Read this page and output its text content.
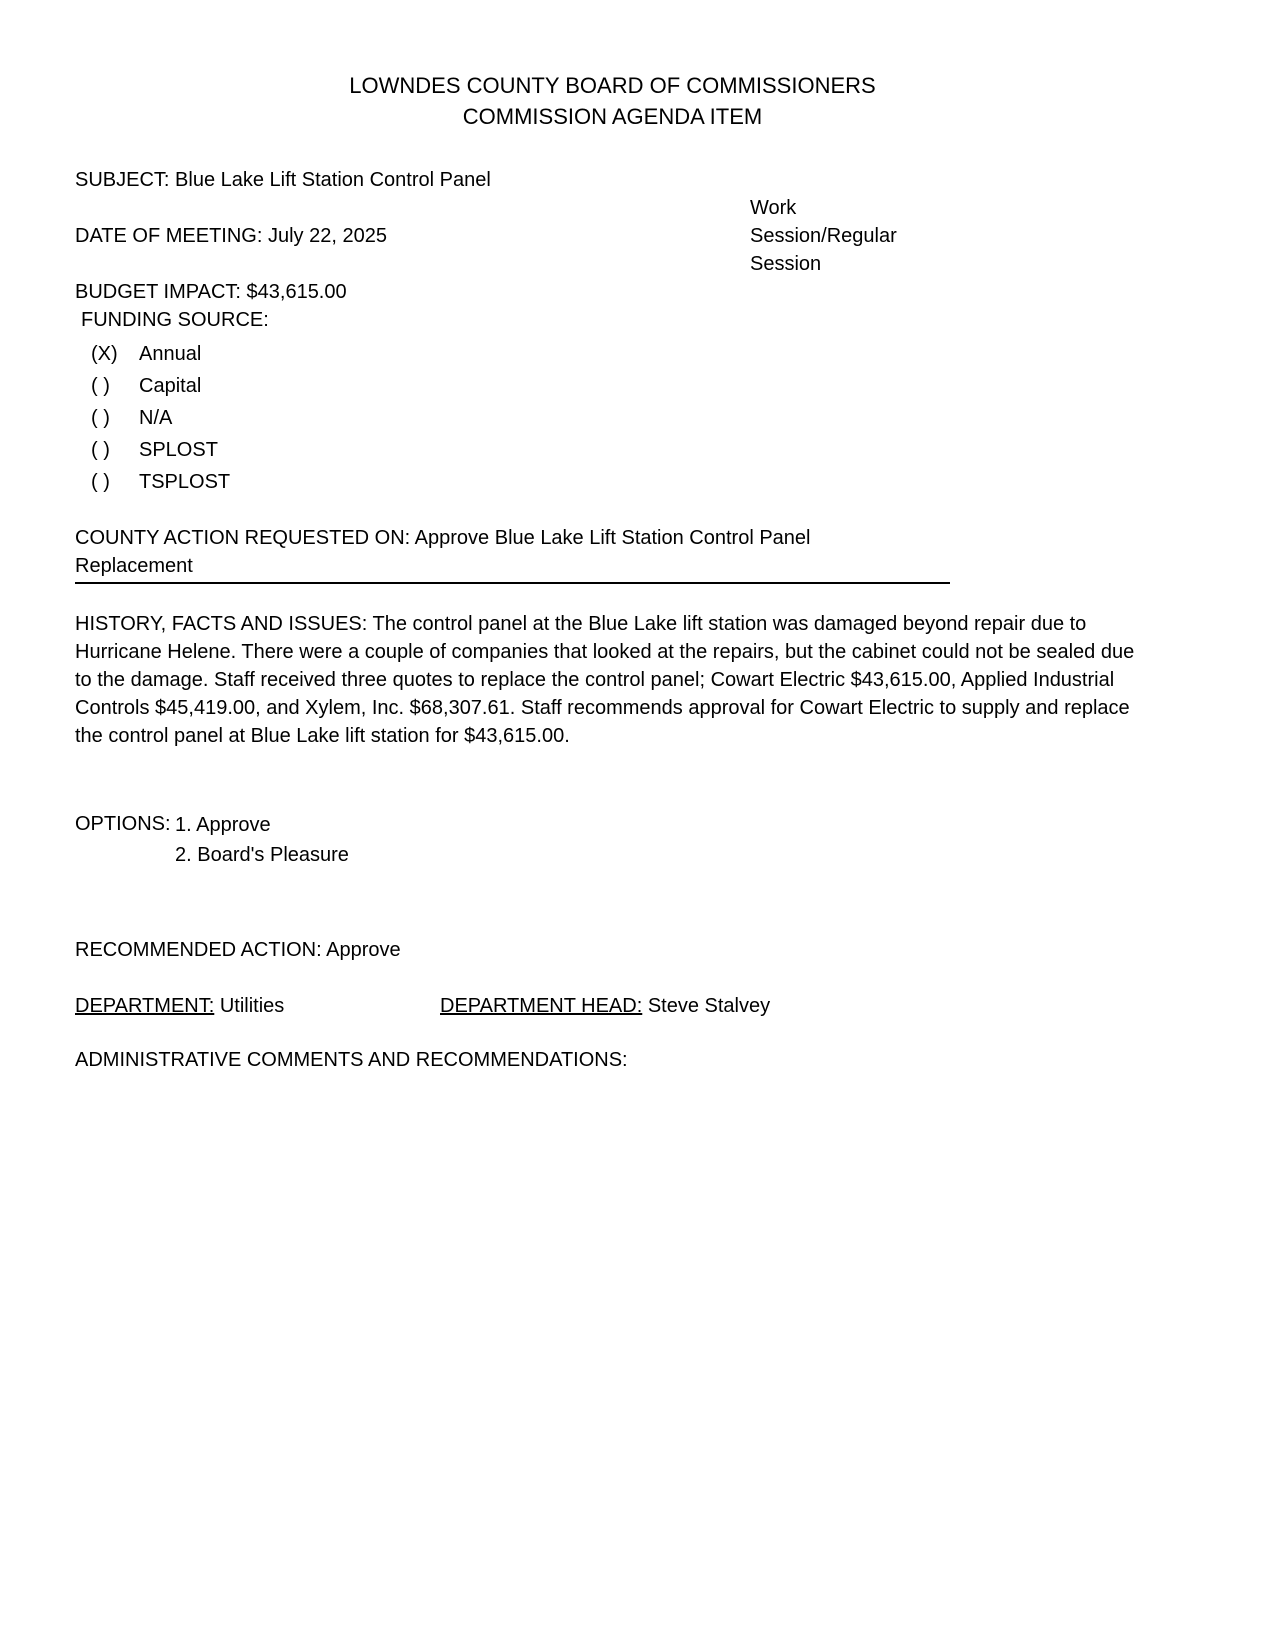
LOWNDES COUNTY BOARD OF COMMISSIONERS
COMMISSION AGENDA ITEM

SUBJECT: Blue Lake Lift Station Control Panel

DATE OF MEETING: July 22, 2025

Work
Session/Regular
Session

BUDGET IMPACT: $43,615.00

FUNDING SOURCE:

(X) Annual
( ) Capital
( ) N/A
( ) SPLOST
( ) TSPLOST
COUNTY ACTION REQUESTED ON: Approve Blue Lake Lift Station Control Panel
Replacement

HISTORY, FACTS AND ISSUES: The control panel at the Blue Lake lift station was damaged beyond repair due to Hurricane Helene. There were a couple of companies that looked at the repairs, but the cabinet could not be sealed due to the damage. Staff received three quotes to replace the control panel; Cowart Electric $43,615.00, Applied Industrial Controls $45,419.00, and Xylem, Inc. $68,307.61. Staff recommends approval for Cowart Electric to supply and replace the control panel at Blue Lake lift station for $43,615.00.

OPTIONS: 1. Approve
2. Board's Pleasure

RECOMMENDED ACTION: Approve

DEPARTMENT: Utilities	DEPARTMENT HEAD: Steve Stalvey

ADMINISTRATIVE COMMENTS AND RECOMMENDATIONS:
